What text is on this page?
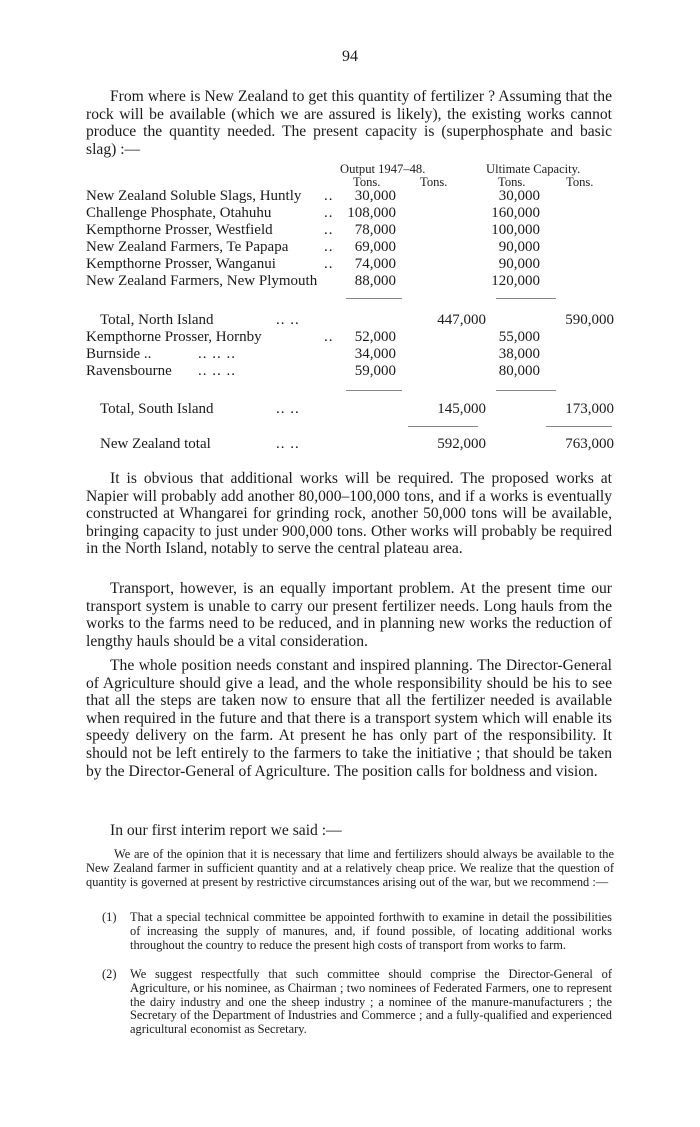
94

From where is New Zealand to get this quantity of fertilizer ? Assuming that the rock will be available (which we are assured is likely), the existing works cannot produce the quantity needed. The present capacity is (superphosphate and basic slag) :—

Output 1947–48.	Ultimate Capacity.
Tons.	Tons.	Tons.	Tons.
New Zealand Soluble Slags, Huntly ..	30,000	30,000
Challenge Phosphate, Otahuhu	.. 108,000	160,000
Kempthorne Prosser, Westfield	..	78,000	100,000
New Zealand Farmers, Te Papapa ..	69,000	90,000
Kempthorne Prosser, Wanganui	..	74,000	90,000
New Zealand Farmers, New Plymouth	88,000	120,000
Total, North Island	.. ..	447,000	590,000
Kempthorne Prosser, Hornby	..	52,000	55,000
Burnside ..	.. .. ..	34,000	38,000
Ravensbourne .. .. ..	59,000	80,000
Total, South Island	.. ..	145,000	173,000
New Zealand total	.. ..	592,000	763,000

It is obvious that additional works will be required. The proposed works at Napier will probably add another 80,000–100,000 tons, and if a works is eventually constructed at Whangarei for grinding rock, another 50,000 tons will be available, bringing capacity to just under 900,000 tons. Other works will probably be required in the North Island, notably to serve the central plateau area.

Transport, however, is an equally important problem. At the present time our transport system is unable to carry our present fertilizer needs. Long hauls from the works to the farms need to be reduced, and in planning new works the reduction of lengthy hauls should be a vital consideration.

The whole position needs constant and inspired planning. The Director-General of Agriculture should give a lead, and the whole responsibility should be his to see that all the steps are taken now to ensure that all the fertilizer needed is available when required in the future and that there is a transport system which will enable its speedy delivery on the farm. At present he has only part of the responsibility. It should not be left entirely to the farmers to take the initiative ; that should be taken by the Director-General of Agriculture. The position calls for boldness and vision.

In our first interim report we said :—

We are of the opinion that it is necessary that lime and fertilizers should always be available to the New Zealand farmer in sufficient quantity and at a relatively cheap price. We realize that the question of quantity is governed at present by restrictive circumstances arising out of the war, but we recommend :—

(1) That a special technical committee be appointed forthwith to examine in detail the possibilities of increasing the supply of manures, and, if found possible, of locating additional works throughout the country to reduce the present high costs of transport from works to farm.
(2) We suggest respectfully that such committee should comprise the Director-General of Agriculture, or his nominee, as Chairman ; two nominees of Federated Farmers, one to represent the dairy industry and one the sheep industry ; a nominee of the manure-manufacturers ; the Secretary of the Department of Industries and Commerce ; and a fully-qualified and experienced agricultural economist as Secretary.
